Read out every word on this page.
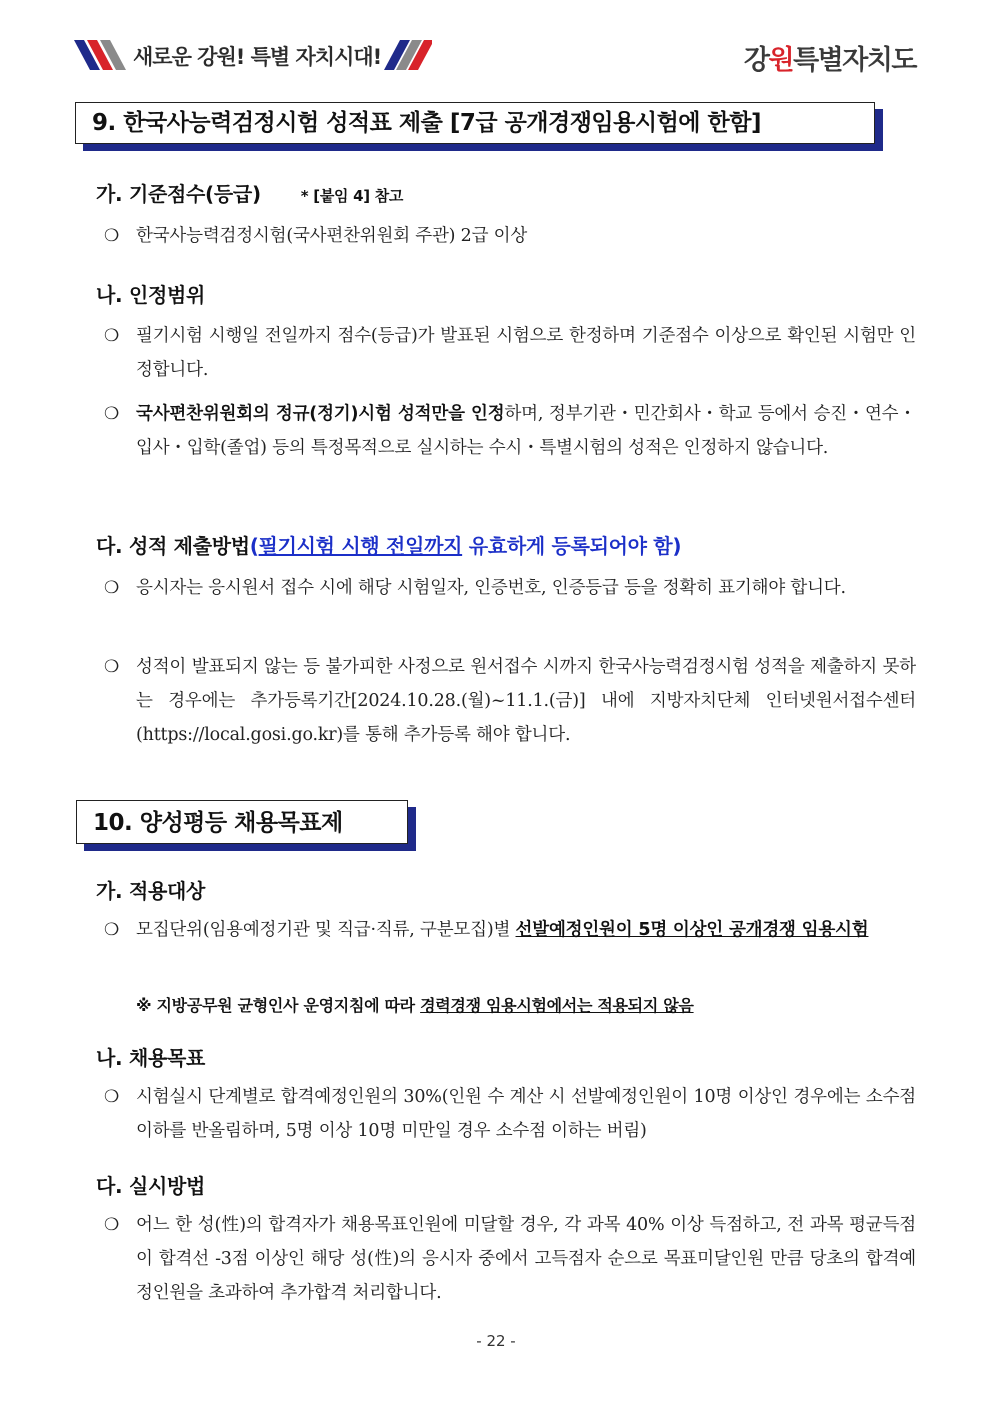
새로운 강원! 특별 자치시대!	강원특별자치도
9. 한국사능력검정시험 성적표 제출 [7급 공개경쟁임용시험에 한함]
가. 기준점수(등급)	* [붙임 4] 참고
❍ 한국사능력검정시험(국사편찬위원회 주관) 2급 이상
나. 인정범위
❍ 필기시험 시행일 전일까지 점수(등급)가 발표된 시험으로 한정하며 기준점수 이상으로 확인된 시험만 인정합니다.
❍ 국사편찬위원회의 정규(정기)시험 성적만을 인정하며, 정부기관・민간회사・학교 등에서 승진・연수・입사・입학(졸업) 등의 특정목적으로 실시하는 수시・특별시험의 성적은 인정하지 않습니다.
다. 성적 제출방법(필기시험 시행 전일까지 유효하게 등록되어야 함)
❍ 응시자는 응시원서 접수 시에 해당 시험일자, 인증번호, 인증등급 등을 정확히 표기해야 합니다.
❍ 성적이 발표되지 않는 등 불가피한 사정으로 원서접수 시까지 한국사능력검정시험 성적을 제출하지 못하는 경우에는 추가등록기간[2024.10.28.(월)~11.1.(금)] 내에 지방자치단체 인터넷원서접수센터(https://local.gosi.go.kr)를 통해 추가등록 해야 합니다.
10. 양성평등 채용목표제
가. 적용대상
❍ 모집단위(임용예정기관 및 직급·직류, 구분모집)별 선발예정인원이 5명 이상인 공개경쟁 임용시험
※ 지방공무원 균형인사 운영지침에 따라 경력경쟁 임용시험에서는 적용되지 않음
나. 채용목표
❍ 시험실시 단계별로 합격예정인원의 30%(인원 수 계산 시 선발예정인원이 10명 이상인 경우에는 소수점 이하를 반올림하며, 5명 이상 10명 미만일 경우 소수점 이하는 버림)
다. 실시방법
❍ 어느 한 성(性)의 합격자가 채용목표인원에 미달할 경우, 각 과목 40% 이상 득점하고, 전 과목 평균득점이 합격선 -3점 이상인 해당 성(性)의 응시자 중에서 고득점자 순으로 목표미달인원 만큼 당초의 합격예정인원을 초과하여 추가합격 처리합니다.
- 22 -
